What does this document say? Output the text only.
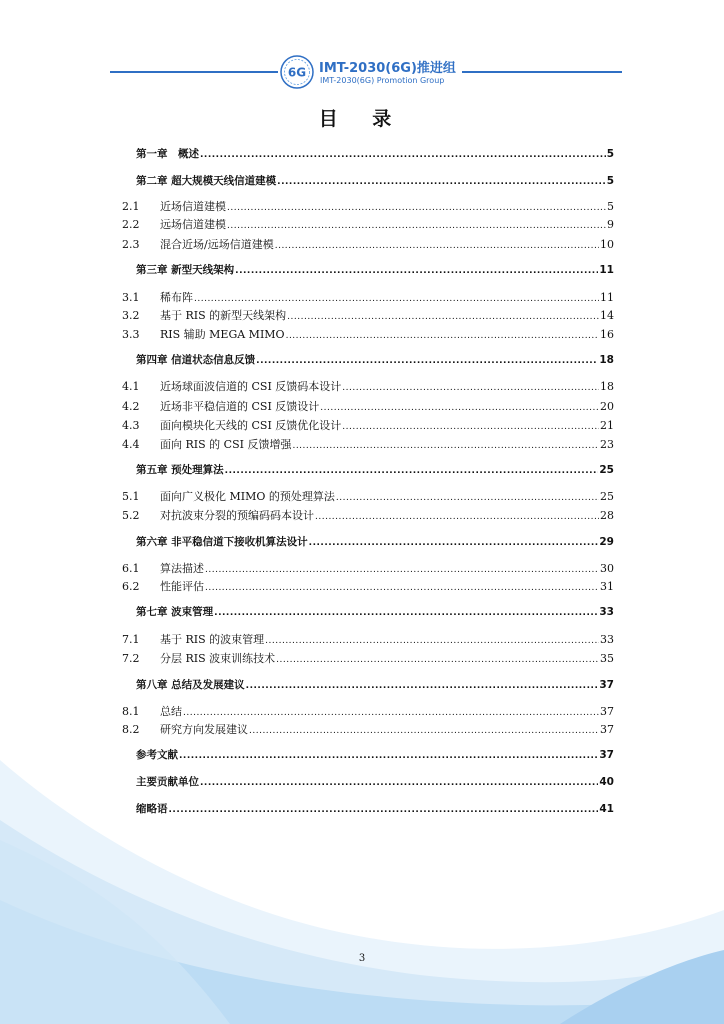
6G IMT-2030(6G)推进组
IMT-2030(6G) Promotion Group
目 录
第一章　概述 .....	5
第二章 超大规模天线信道建模 .....	5
2.1	近场信道建模 .....	5
2.2	远场信道建模 .....	9
2.3	混合近场/远场信道建模 .....	10
第三章 新型天线架构 .....	11
3.1	稀布阵 .....	11
3.2	基于 RIS 的新型天线架构 .....	14
3.3	RIS 辅助 MEGA MIMO .....	16
第四章 信道状态信息反馈 .....	18
4.1	近场球面波信道的 CSI 反馈码本设计 .....	18
4.2	近场非平稳信道的 CSI 反馈设计 .....	20
4.3	面向模块化天线的 CSI 反馈优化设计 .....	21
4.4	面向 RIS 的 CSI 反馈增强 .....	23
第五章 预处理算法 .....	25
5.1	面向广义极化 MIMO 的预处理算法 .....	25
5.2	对抗波束分裂的预编码码本设计 .....	28
第六章 非平稳信道下接收机算法设计 .....	29
6.1	算法描述 .....	30
6.2	性能评估 .....	31
第七章 波束管理 .....	33
7.1	基于 RIS 的波束管理 .....	33
7.2	分层 RIS 波束训练技术 .....	35
第八章 总结及发展建议 .....	37
8.1	总结 .....	37
8.2	研究方向发展建议 .....	37
参考文献 .....	37
主要贡献单位 .....	40
缩略语 .....	41
3
